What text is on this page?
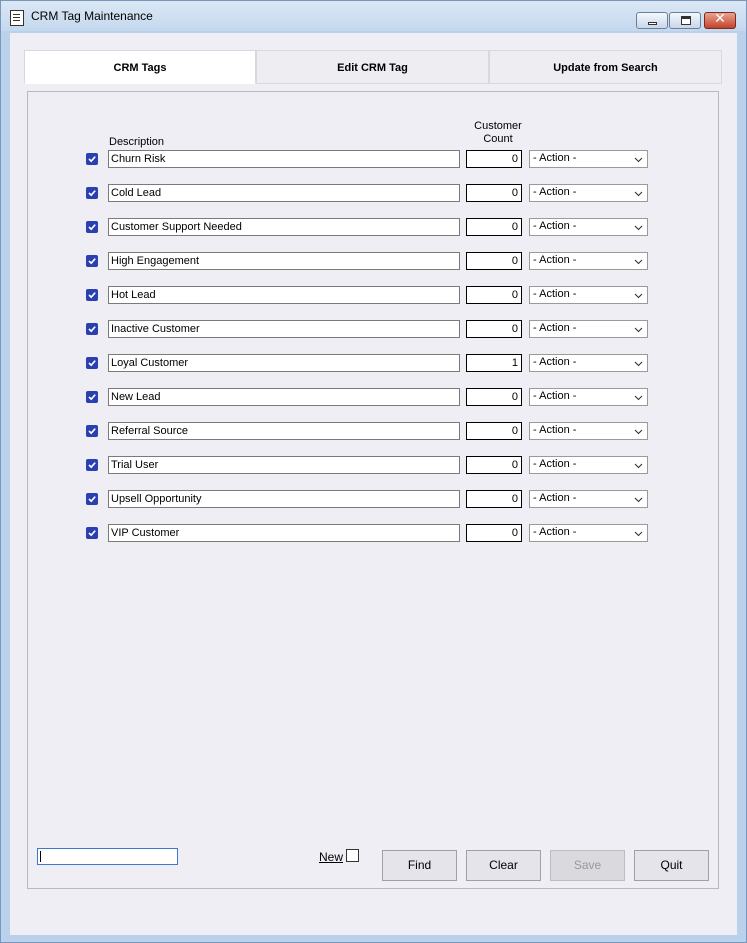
CRM Tag Maintenance	✕
CRM Tags	Edit CRM Tag	Update from Search
Description
Customer
Count
Churn Risk	0	- Action -
Cold Lead	0	- Action -
Customer Support Needed	0	- Action -
High Engagement	0	- Action -
Hot Lead	0	- Action -
Inactive Customer	0	- Action -
Loyal Customer	1	- Action -
New Lead	0	- Action -
Referral Source	0	- Action -
Trial User	0	- Action -
Upsell Opportunity	0	- Action -
VIP Customer	0	- Action -
New
Find	Clear	Save	Quit
